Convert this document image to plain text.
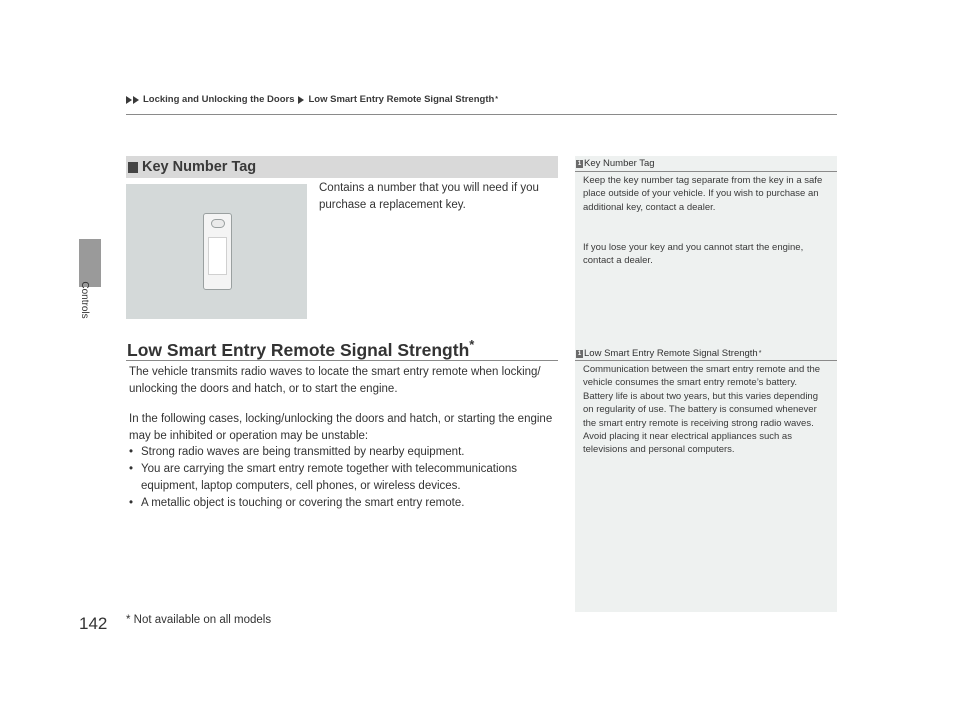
Locking and Unlocking the Doors Low Smart Entry Remote Signal Strength *
Controls
Key Number Tag

Contains a number that you will need if you purchase a replacement key.

Low Smart Entry Remote Signal Strength*

The vehicle transmits radio waves to locate the smart entry remote when locking/ unlocking the doors and hatch, or to start the engine.

In the following cases, locking/unlocking the doors and hatch, or starting the engine may be inhibited or operation may be unstable:

• Strong radio waves are being transmitted by nearby equipment.
• You are carrying the smart entry remote together with telecommunications equipment, laptop computers, cell phones, or wireless devices.
• A metallic object is touching or covering the smart entry remote.
1 Key Number Tag

Keep the key number tag separate from the key in a safe place outside of your vehicle. If you wish to purchase an additional key, contact a dealer.

If you lose your key and you cannot start the engine, contact a dealer.

1 Low Smart Entry Remote Signal Strength *

Communication between the smart entry remote and the vehicle consumes the smart entry remote’s battery. Battery life is about two years, but this varies depending on regularity of use. The battery is consumed whenever the smart entry remote is receiving strong radio waves. Avoid placing it near electrical appliances such as televisions and personal computers.

142 * Not available on all models
